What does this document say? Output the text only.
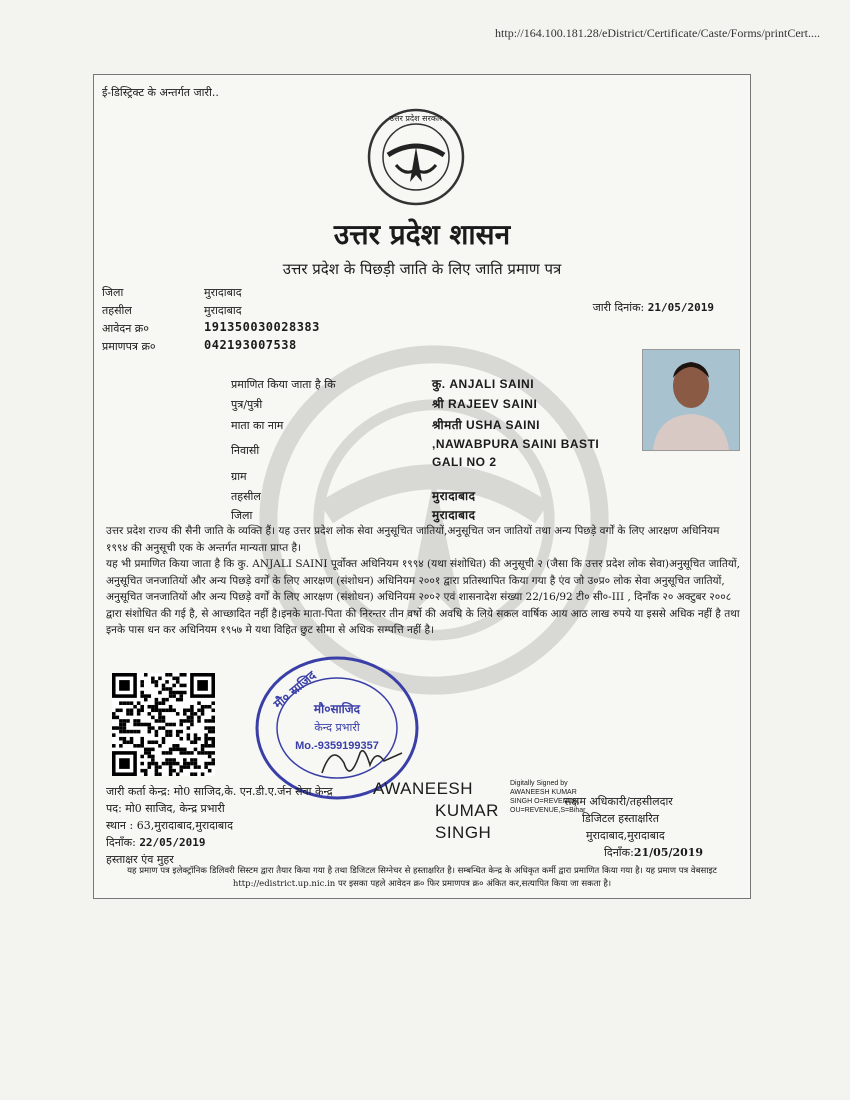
http://164.100.181.28/eDistrict/Certificate/Caste/Forms/printCert....
ई-डिस्ट्रिक्ट के अन्तर्गत जारी..
उत्तर प्रदेश सरकार
उत्तर प्रदेश शासन
उत्तर प्रदेश के पिछड़ी जाति के लिए जाति प्रमाण पत्र
जिला	मुरादाबाद
तहसील	मुरादाबाद
आवेदन क्र०	191350030028383
प्रमाणपत्र क्र०	042193007538
जारी दिनांक: 21/05/2019
प्रमाणित किया जाता है कि	कु. ANJALI SAINI
पुत्र/पुत्री	श्री RAJEEV SAINI
माता का नाम	श्रीमती USHA SAINI
निवासी	,NAWABPURA SAINI BASTI GALI NO 2
ग्राम
तहसील	मुरादाबाद
जिला	मुरादाबाद

उत्तर प्रदेश राज्य की सैनी जाति के व्यक्ति हैं। यह उत्तर प्रदेश लोक सेवा अनुसूचित जातियों,अनुसूचित जन जातियों तथा अन्य पिछड़े वर्गों के लिए आरक्षण अधिनियम १९९४ की अनुसूची एक के अन्तर्गत मान्यता प्राप्त है।

यह भी प्रमाणित किया जाता है कि कु. ANJALI SAINI पूर्वोक्त अधिनियम १९९४ (यथा संशोधित) की अनुसूची २ (जैसा कि उत्तर प्रदेश लोक सेवा)अनुसूचित जातियों, अनुसूचित जनजातियों और अन्य पिछड़े वर्गों के लिए आरक्षण (संशोधन) अधिनियम २००१ द्वारा प्रतिस्थापित किया गया है एंव जो उ०प्र० लोक सेवा अनुसूचित जातियों, अनुसूचित जनजातियों और अन्य पिछड़े वर्गों के लिए आरक्षण (संशोधन) अधिनियम २००२ एवं शासनादेश संख्या 22/16/92 टी० सी०-III , दिनाँक २० अक्टुबर २००८ द्वारा संशोधित की गई है, से आच्छादित नहीं है।इनके माता-पिता की निरन्तर तीन वर्षो की अवधि के लिये सकल वार्षिक आय आठ लाख रुपये या इससे अधिक नहीं है तथा इनके पास धन कर अधिनियम १९५७ मे यथा विहित छुट सीमा से अधिक सम्पत्ति नहीं है।

मौ० साजिद
मौ०साजिद
केन्द प्रभारी
Mo.-9359199357
जारी कर्ता केन्द्र: मो0 साजिद,के. एन.डी.ए.र्जन सेवा केन्द्र
पद: मो0 साजिद, केन्द्र प्रभारी
स्थान : 63,मुरादाबाद,मुरादाबाद
दिनाँक: 22/05/2019
हस्ताक्षर एंव मुहर
AWANEESH
KUMAR
SINGH
Digitally Signed by AWANEESH KUMAR SINGH O=REVENUE, OU=REVENUE,S=Bihar
सक्षम अधिकारी/तहसीलदार
डिजिटल हस्ताक्षरित
मुरादाबाद,मुरादाबाद
दिनाँक:21/05/2019
यह प्रमाण पत्र इलेक्ट्रॉनिक डिलिवरी सिस्टम द्वारा तैयार किया गया है तथा डिजिटल सिग्नेचर से हस्ताक्षरित है। सम्बन्धित केन्द्र के अधिकृत कर्मी द्वारा प्रमाणित किया गया है। यह प्रमाण पत्र वेबसाइट http://edistrict.up.nic.in पर इसका पहले आवेदन क्र० फिर प्रमाणपत्र क्र० अंकित कर,सत्यापित किया जा सकता है।
